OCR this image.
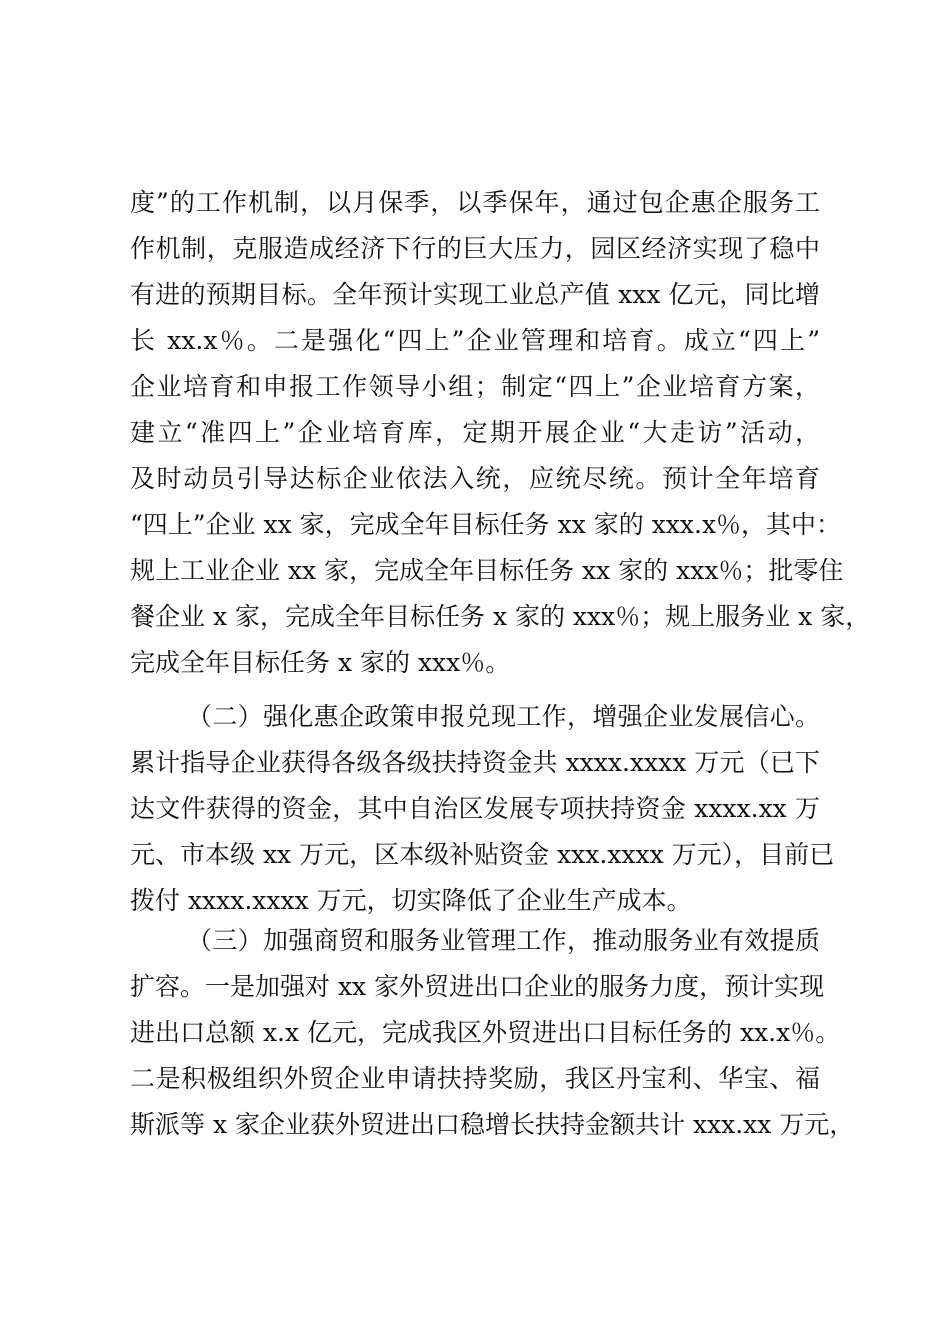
度”的工作机制，以月保季，以季保年，通过包企惠企服务工
作机制，克服造成经济下行的巨大压力，园区经济实现了稳中
有进的预期目标。全年预计实现工业总产值 xxx 亿元，同比增
长 xx.x％。二是强化“四上”企业管理和培育。成立“四上”
企业培育和申报工作领导小组；制定“四上”企业培育方案，
建立“准四上”企业培育库，定期开展企业“大走访”活动，
及时动员引导达标企业依法入统，应统尽统。预计全年培育
“四上”企业 xx 家，完成全年目标任务 xx 家的 xxx.x％，其中：
规上工业企业 xx 家，完成全年目标任务 xx 家的 xxx％；批零住
餐企业 x 家，完成全年目标任务 x 家的 xxx％；规上服务业 x 家，
完成全年目标任务 x 家的 xxx％。
（二）强化惠企政策申报兑现工作，增强企业发展信心。
累计指导企业获得各级各级扶持资金共 xxxx.xxxx 万元（已下
达文件获得的资金，其中自治区发展专项扶持资金 xxxx.xx 万
元、市本级 xx 万元，区本级补贴资金 xxx.xxxx 万元），目前已
拨付 xxxx.xxxx 万元，切实降低了企业生产成本。
（三）加强商贸和服务业管理工作，推动服务业有效提质
扩容。一是加强对 xx 家外贸进出口企业的服务力度，预计实现
进出口总额 x.x 亿元，完成我区外贸进出口目标任务的 xx.x％。
二是积极组织外贸企业申请扶持奖励，我区丹宝利、华宝、福
斯派等 x 家企业获外贸进出口稳增长扶持金额共计 xxx.xx 万元，
